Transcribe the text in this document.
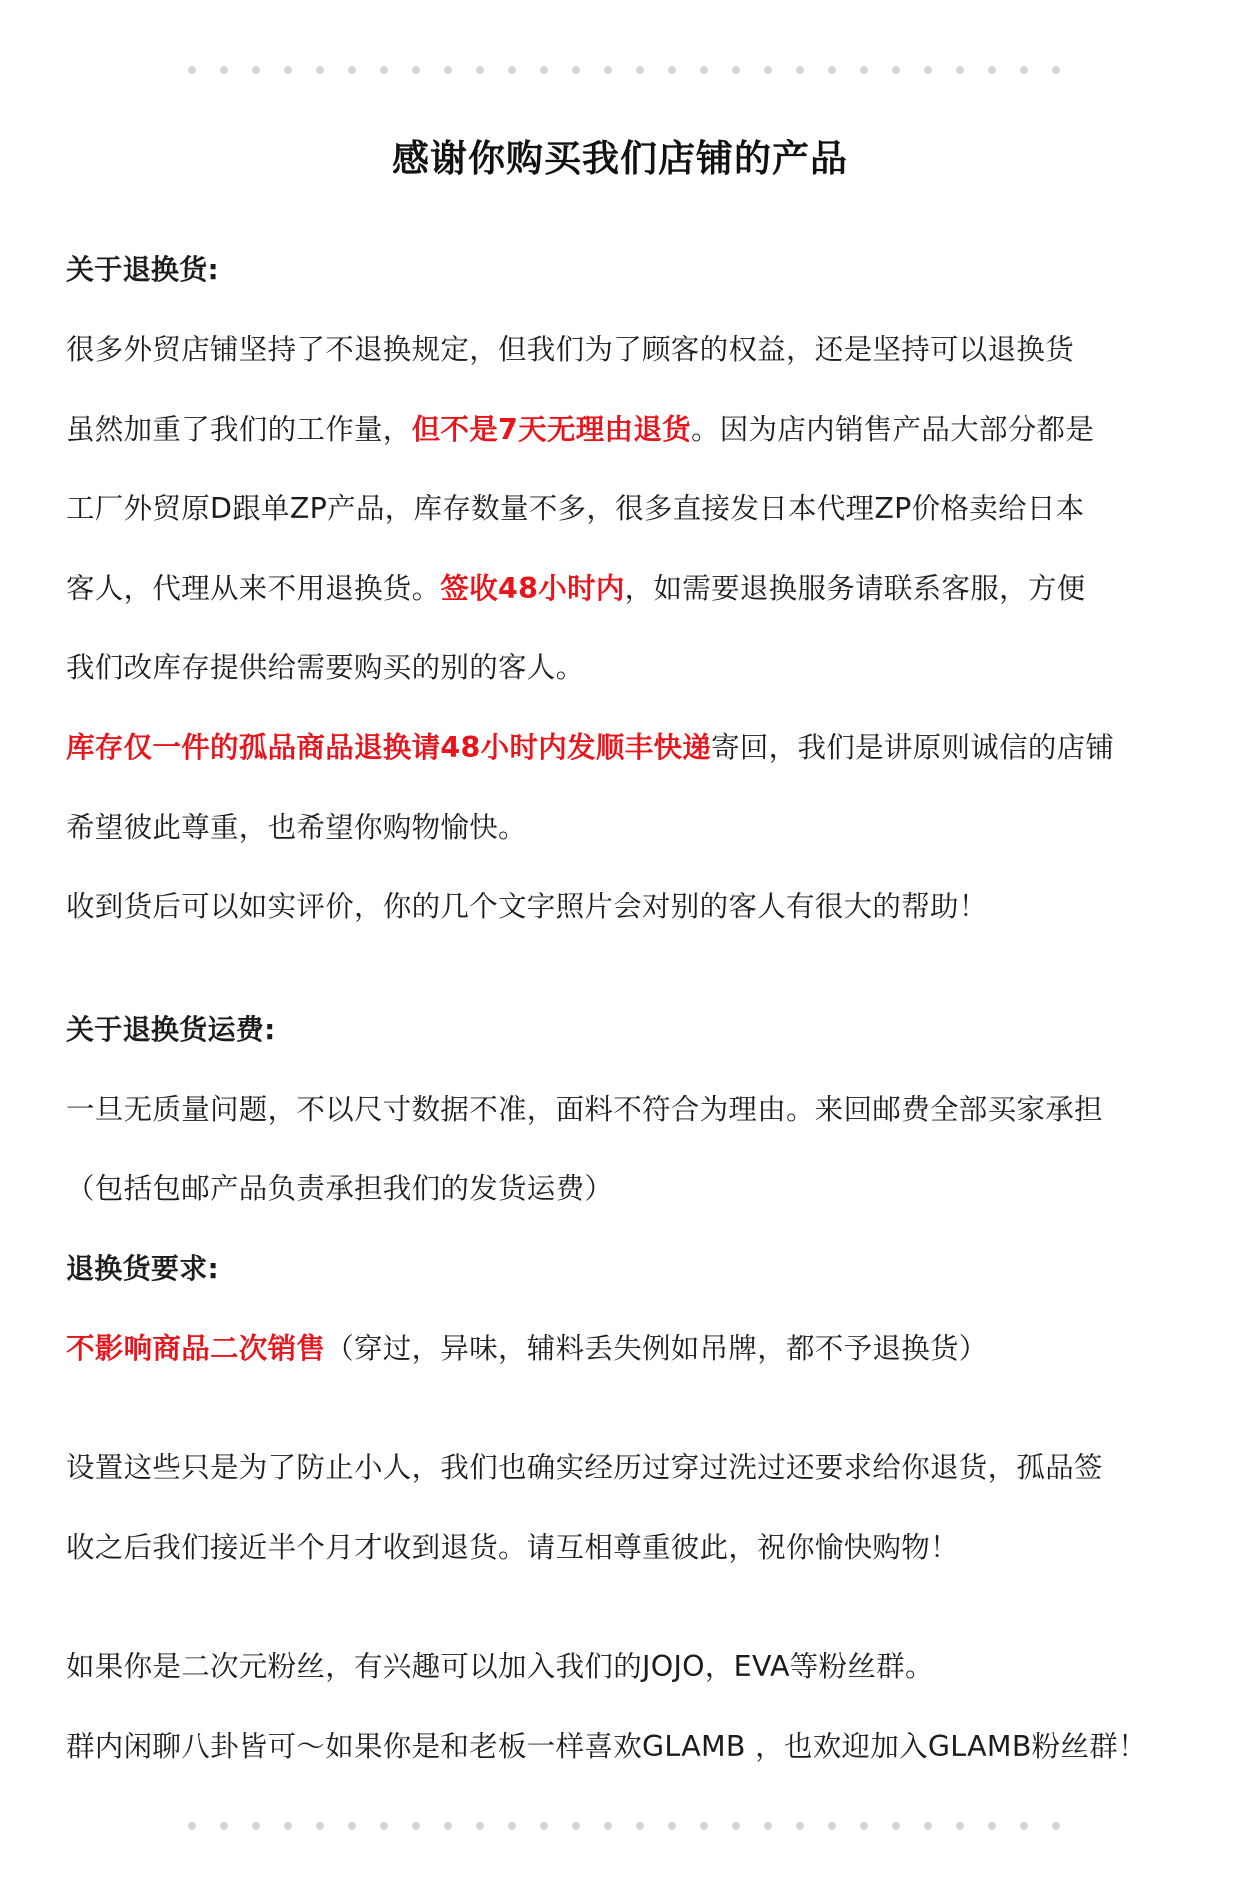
感谢你购买我们店铺的产品
关于退换货:
很多外贸店铺坚持了不退换规定，但我们为了顾客的权益，还是坚持可以退换货
虽然加重了我们的工作量，但不是7天无理由退货。因为店内销售产品大部分都是
工厂外贸原D跟单ZP产品，库存数量不多，很多直接发日本代理ZP价格卖给日本
客人，代理从来不用退换货。签收48小时内，如需要退换服务请联系客服，方便
我们改库存提供给需要购买的别的客人。
库存仅一件的孤品商品退换请48小时内发顺丰快递寄回，我们是讲原则诚信的店铺
希望彼此尊重，也希望你购物愉快。
收到货后可以如实评价，你的几个文字照片会对别的客人有很大的帮助！
关于退换货运费:
一旦无质量问题，不以尺寸数据不准，面料不符合为理由。来回邮费全部买家承担
（包括包邮产品负责承担我们的发货运费）
退换货要求:
不影响商品二次销售（穿过，异味，辅料丢失例如吊牌，都不予退换货）
设置这些只是为了防止小人，我们也确实经历过穿过洗过还要求给你退货，孤品签
收之后我们接近半个月才收到退货。请互相尊重彼此，祝你愉快购物！
如果你是二次元粉丝，有兴趣可以加入我们的JOJO，EVA等粉丝群。
群内闲聊八卦皆可～如果你是和老板一样喜欢GLAMB ，也欢迎加入GLAMB粉丝群！
